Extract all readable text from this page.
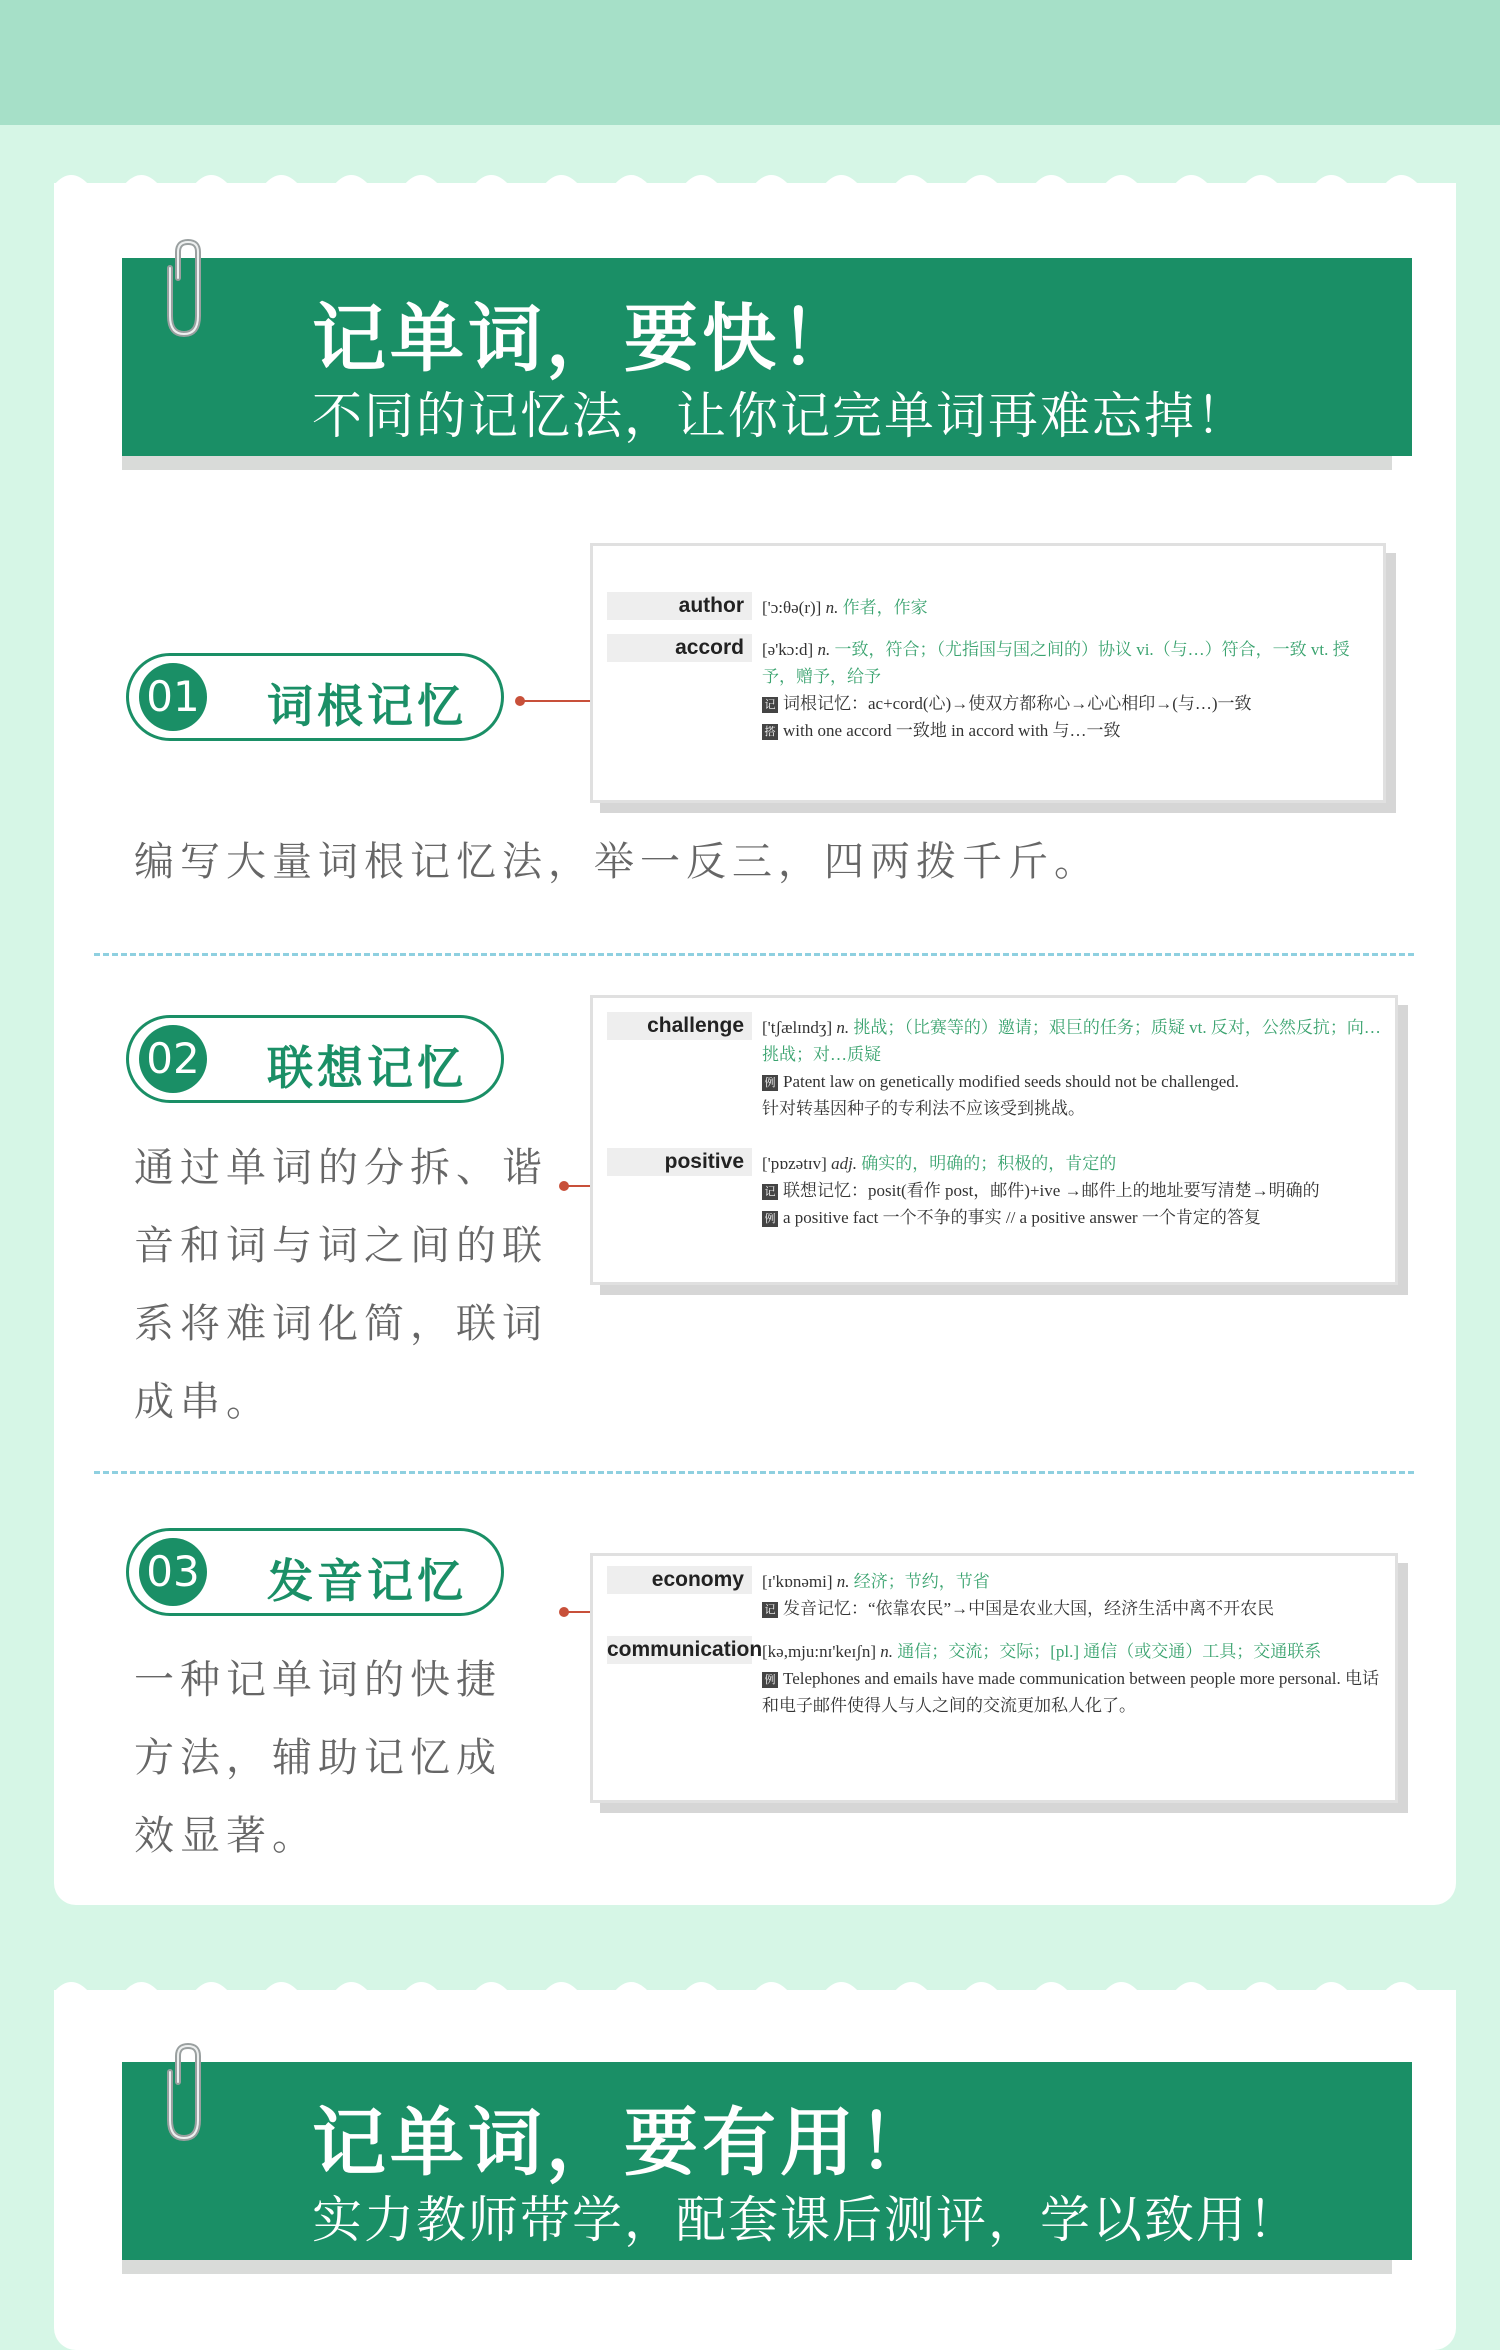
记单词，要快！
不同的记忆法，让你记完单词再难忘掉！
01 词根记忆
author	['ɔ:θə(r)] n. 作者，作家
accord	[ə'kɔ:d] n. 一致，符合；（尤指国与国之间的）协议 vi.（与…）符合，一致 vt. 授予，赠予，给予
记 词根记忆：ac+cord(心)→使双方都称心→心心相印→(与…)一致
搭 with one accord 一致地 in accord with 与…一致
编写大量词根记忆法，举一反三，四两拨千斤。
02 联想记忆
通过单词的分拆、谐
音和词与词之间的联
系将难词化简，联词
成串。
challenge	['tʃælɪndʒ] n. 挑战；（比赛等的）邀请；艰巨的任务；质疑 vt. 反对，公然反抗；向…挑战；对…质疑
例 Patent law on genetically modified seeds should not be challenged.
针对转基因种子的专利法不应该受到挑战。
positive	['pɒzətɪv] adj. 确实的，明确的；积极的，肯定的
记 联想记忆：posit(看作 post，邮件)+ive →邮件上的地址要写清楚→明确的
例 a positive fact 一个不争的事实 // a positive answer 一个肯定的答复
03 发音记忆
一种记单词的快捷
方法，辅助记忆成
效显著。
economy	[ɪ'kɒnəmi] n. 经济；节约，节省
记 发音记忆：“依靠农民”→中国是农业大国，经济生活中离不开农民
communication [kə,mju:nɪ'keɪʃn] n. 通信；交流；交际；[pl.] 通信（或交通）工具；交通联系
例 Telephones and emails have made communication between people more personal. 电话和电子邮件使得人与人之间的交流更加私人化了。
记单词，要有用！
实力教师带学，配套课后测评，学以致用！
